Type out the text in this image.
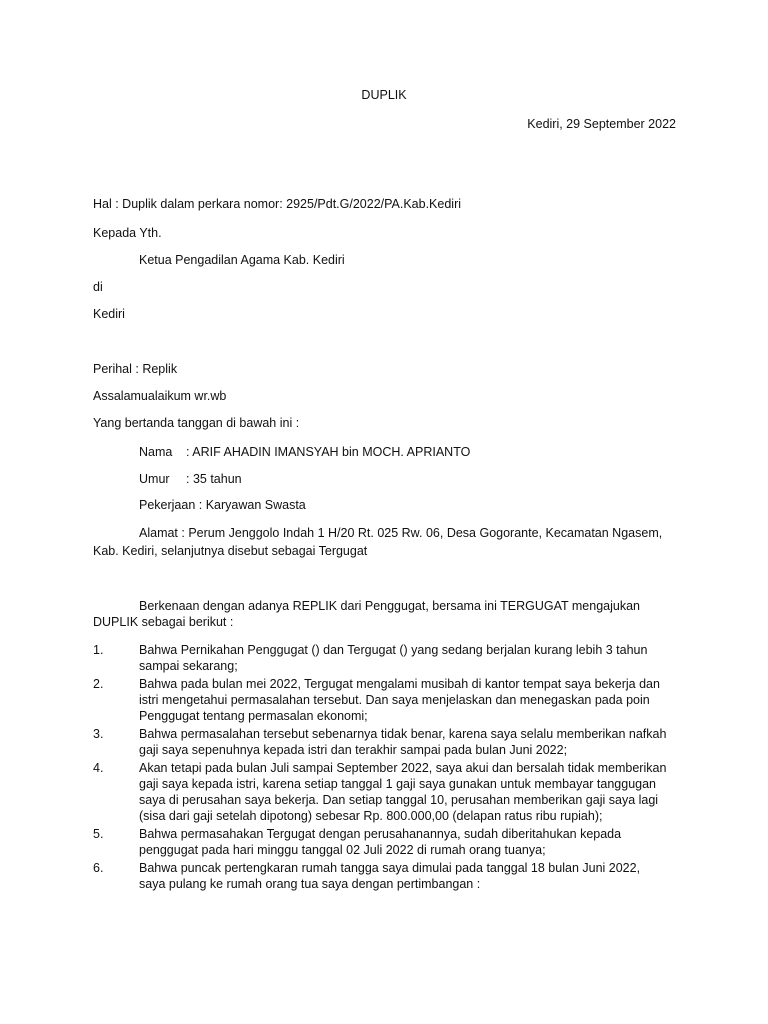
DUPLIK
Kediri, 29 September 2022
Hal : Duplik dalam perkara nomor: 2925/Pdt.G/2022/PA.Kab.Kediri
Kepada Yth.
Ketua Pengadilan Agama Kab. Kediri
di
Kediri
Perihal : Replik
Assalamualaikum wr.wb
Yang bertanda tanggan di bawah ini :
Nama : ARIF AHADIN IMANSYAH bin MOCH. APRIANTO
Umur : 35 tahun
Pekerjaan : Karyawan Swasta
Alamat : Perum Jenggolo Indah 1 H/20 Rt. 025 Rw. 06, Desa Gogorante, Kecamatan Ngasem,
Kab. Kediri, selanjutnya disebut sebagai Tergugat
Berkenaan dengan adanya REPLIK dari Penggugat, bersama ini TERGUGAT mengajukan
DUPLIK sebagai berikut :
1.	Bahwa Pernikahan Penggugat () dan Tergugat () yang sedang berjalan kurang lebih 3 tahun sampai sekarang;
2.	Bahwa pada bulan mei 2022, Tergugat mengalami musibah di kantor tempat saya bekerja dan istri mengetahui permasalahan tersebut. Dan saya menjelaskan dan menegaskan pada poin Penggugat tentang permasalan ekonomi;
3.	Bahwa permasalahan tersebut sebenarnya tidak benar, karena saya selalu memberikan nafkah gaji saya sepenuhnya kepada istri dan terakhir sampai pada bulan Juni 2022;
4.	Akan tetapi pada bulan Juli sampai September 2022, saya akui dan bersalah tidak memberikan gaji saya kepada istri, karena setiap tanggal 1 gaji saya gunakan untuk membayar tanggugan saya di perusahan saya bekerja. Dan setiap tanggal 10, perusahan memberikan gaji saya lagi (sisa dari gaji setelah dipotong) sebesar Rp. 800.000,00 (delapan ratus ribu rupiah);
5.	Bahwa permasahakan Tergugat dengan perusahanannya, sudah diberitahukan kepada penggugat pada hari minggu tanggal 02 Juli 2022 di rumah orang tuanya;
6.	Bahwa puncak pertengkaran rumah tangga saya dimulai pada tanggal 18 bulan Juni 2022, saya pulang ke rumah orang tua saya dengan pertimbangan :
